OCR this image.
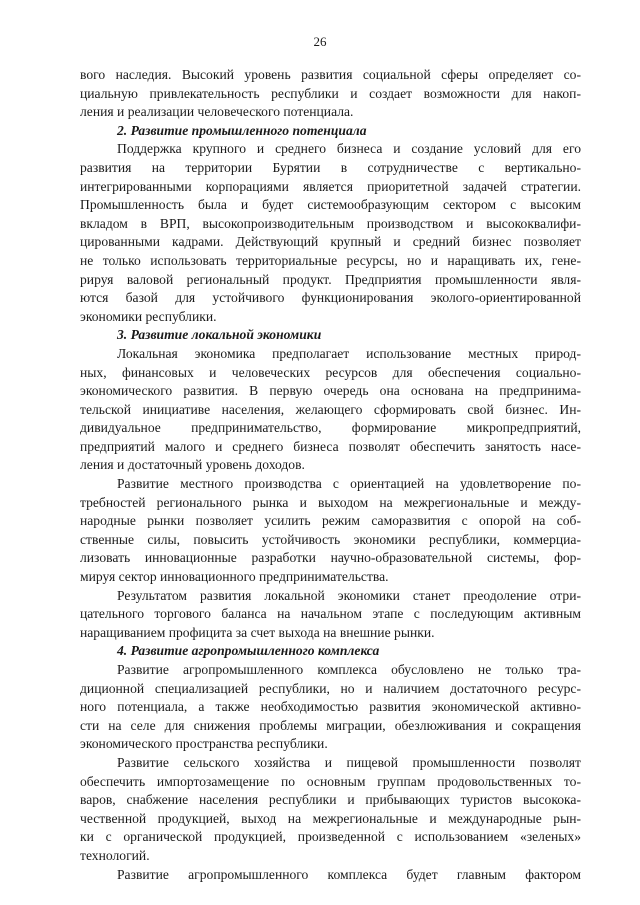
26
вого наследия. Высокий уровень развития социальной сферы определяет со-
циальную привлекательность республики и создает возможности для накоп-
ления и реализации человеческого потенциала.
2. Развитие промышленного потенциала
Поддержка крупного и среднего бизнеса и создание условий для его
развития на территории Бурятии в сотрудничестве с вертикально-
интегрированными корпорациями является приоритетной задачей стратегии.
Промышленность была и будет системообразующим сектором с высоким
вкладом в ВРП, высокопроизводительным производством и высококвалифи-
цированными кадрами. Действующий крупный и средний бизнес позволяет
не только использовать территориальные ресурсы, но и наращивать их, гене-
рируя валовой региональный продукт. Предприятия промышленности явля-
ются базой для устойчивого функционирования эколого-ориентированной
экономики республики.
3. Развитие локальной экономики
Локальная экономика предполагает использование местных природ-
ных, финансовых и человеческих ресурсов для обеспечения социально-
экономического развития. В первую очередь она основана на предпринима-
тельской инициативе населения, желающего сформировать свой бизнес. Ин-
дивидуальное предпринимательство, формирование микропредприятий,
предприятий малого и среднего бизнеса позволят обеспечить занятость насе-
ления и достаточный уровень доходов.
Развитие местного производства с ориентацией на удовлетворение по-
требностей регионального рынка и выходом на межрегиональные и между-
народные рынки позволяет усилить режим саморазвития с опорой на соб-
ственные силы, повысить устойчивость экономики республики, коммерциа-
лизовать инновационные разработки научно-образовательной системы, фор-
мируя сектор инновационного предпринимательства.
Результатом развития локальной экономики станет преодоление отри-
цательного торгового баланса на начальном этапе с последующим активным
наращиванием профицита за счет выхода на внешние рынки.
4. Развитие агропромышленного комплекса
Развитие агропромышленного комплекса обусловлено не только тра-
диционной специализацией республики, но и наличием достаточного ресурс-
ного потенциала, а также необходимостью развития экономической активно-
сти на селе для снижения проблемы миграции, обезлюживания и сокращения
экономического пространства республики.
Развитие сельского хозяйства и пищевой промышленности позволят
обеспечить импортозамещение по основным группам продовольственных то-
варов, снабжение населения республики и прибывающих туристов высокока-
чественной продукцией, выход на межрегиональные и международные рын-
ки с органической продукцией, произведенной с использованием «зеленых»
технологий.
Развитие агропромышленного комплекса будет главным фактором
